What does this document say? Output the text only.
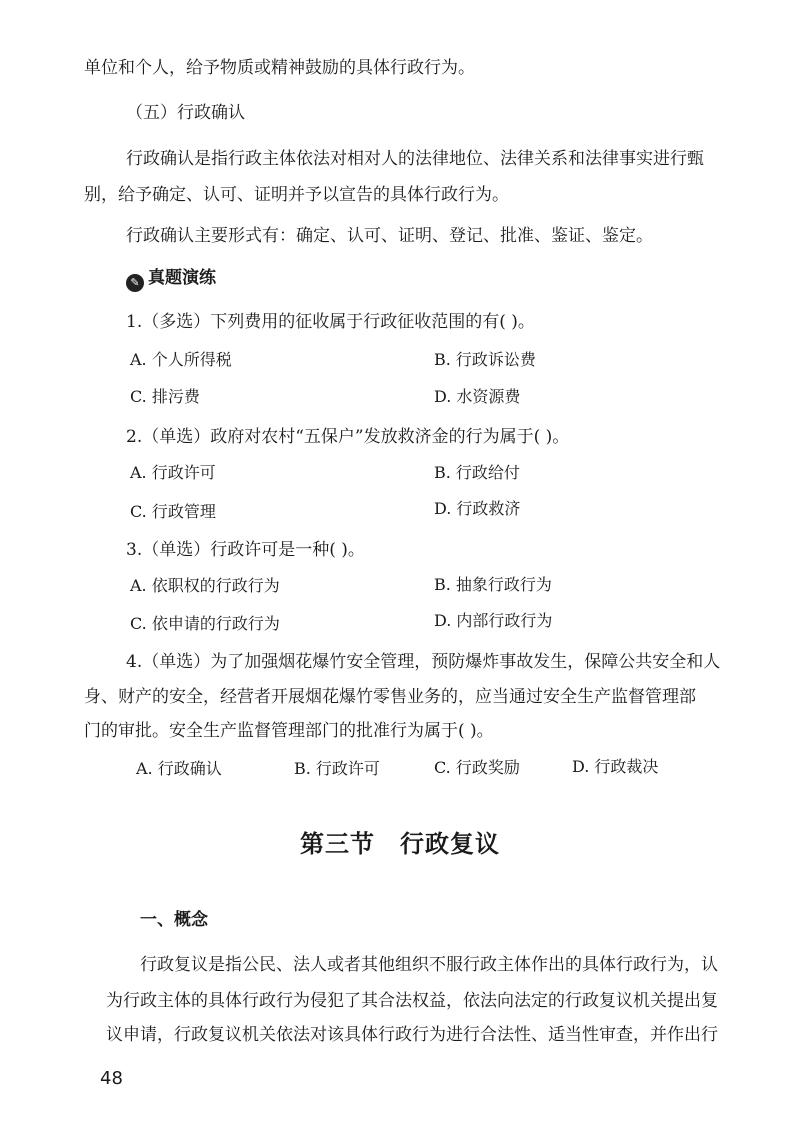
单位和个人，给予物质或精神鼓励的具体行政行为。
（五）行政确认
行政确认是指行政主体依法对相对人的法律地位、法律关系和法律事实进行甄
别，给予确定、认可、证明并予以宣告的具体行政行为。
行政确认主要形式有：确定、认可、证明、登记、批准、鉴证、鉴定。
✎ 真题演练
1.（多选）下列费用的征收属于行政征收范围的有( )。
A. 个人所得税	B. 行政诉讼费
C. 排污费	D. 水资源费
2.（单选）政府对农村“五保户”发放救济金的行为属于( )。
A. 行政许可	B. 行政给付
C. 行政管理	D. 行政救济
3.（单选）行政许可是一种( )。
A. 依职权的行政行为	B. 抽象行政行为
C. 依申请的行政行为	D. 内部行政行为
4.（单选）为了加强烟花爆竹安全管理，预防爆炸事故发生，保障公共安全和人
身、财产的安全，经营者开展烟花爆竹零售业务的，应当通过安全生产监督管理部
门的审批。安全生产监督管理部门的批准行为属于( )。
A. 行政确认	B. 行政许可	C. 行政奖励	D. 行政裁决
第三节　行政复议
一、概念
行政复议是指公民、法人或者其他组织不服行政主体作出的具体行政行为，认
为行政主体的具体行政行为侵犯了其合法权益，依法向法定的行政复议机关提出复
议申请，行政复议机关依法对该具体行政行为进行合法性、适当性审查，并作出行
48
